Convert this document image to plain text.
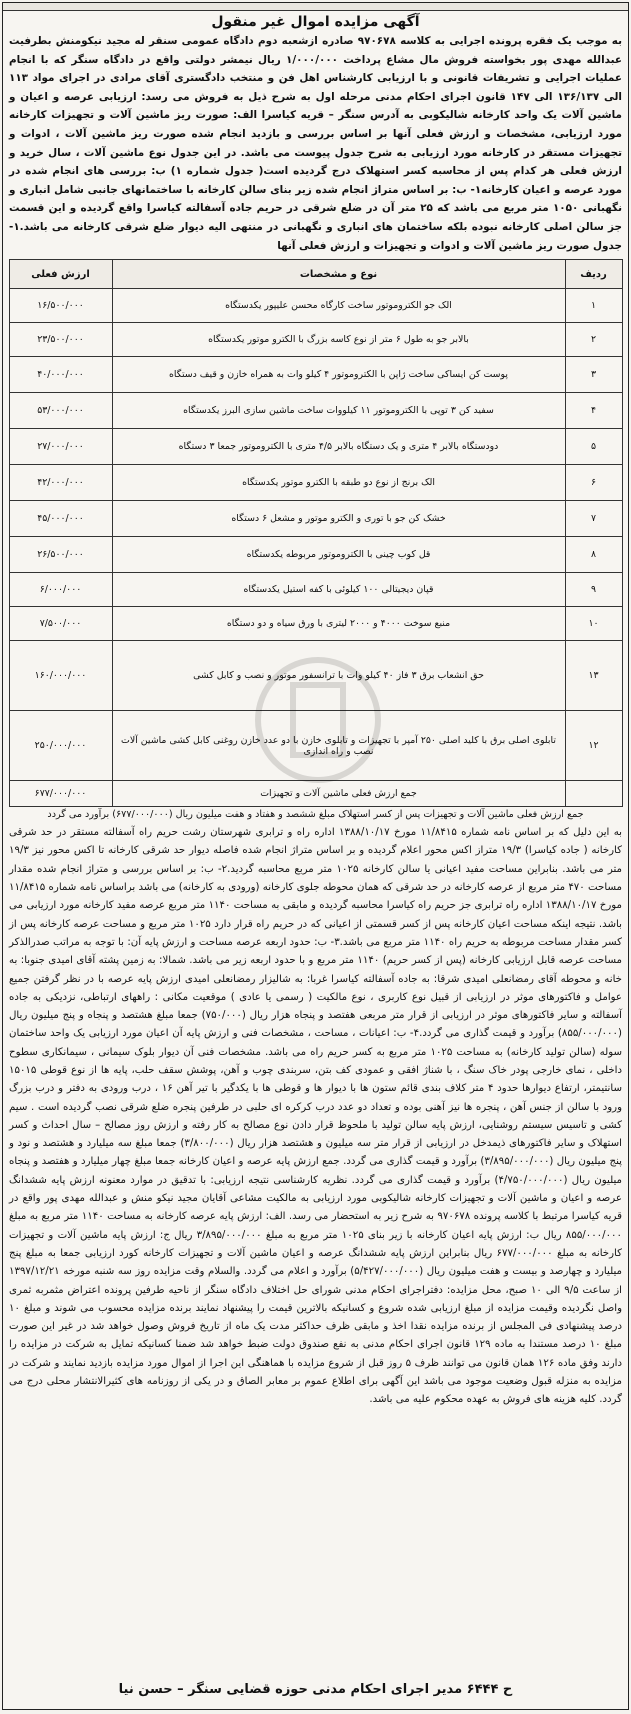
آگهی مزایده اموال غیر منقول
به موجب یک فقره پرونده اجرایی به کلاسه ۹۷۰۶۷۸ صادره ازشعبه دوم دادگاه عمومی سنقر له مجید نیکومنش بطرفیت عبدالله مهدی پور بخواسته فروش مال مشاع پرداخت ۱/۰۰۰/۰۰۰ ریال نیمشر دولتی واقع در دادگاه سنگر که با انجام عملیات اجرایی و تشریفات قانونی و با ارزیابی کارشناس اهل فن و منتخب دادگستری آقای مرادی در اجرای مواد ۱۱۳ الی ۱۳۶/۱۳۷ الی ۱۴۷ قانون اجرای احکام مدنی مرحله اول به شرح ذیل به فروش می رسد: ارزیابی عرصه و اعیان و ماشین آلات یک واحد کارخانه شالیکوبی به آدرس سنگر – قریه کیاسرا الف: صورت ریز ماشین آلات و تجهیزات کارخانه مورد ارزیابی، مشخصات و ارزش فعلی آنها بر اساس بررسی و بازدید انجام شده صورت ریز ماشین آلات ، ادوات و تجهیزات مستقر در کارخانه مورد ارزیابی به شرح جدول پیوست می باشد. در این جدول نوع ماشین آلات ، سال خرید و ارزش فعلی هر کدام پس از محاسبه کسر استهلاک درج گردیده است( جدول شماره ۱) ب: بررسی های انجام شده در مورد عرصه و اعیان کارخانه۱- ب: بر اساس متراژ انجام شده زیر بنای سالن کارخانه با ساختمانهای جانبی شامل انباری و نگهبانی ۱۰۵۰ متر مربع می باشد که ۲۵ متر آن در ضلع شرقی در حریم جاده آسفالته کیاسرا واقع گردیده و این قسمت جز سالن اصلی کارخانه نبوده بلکه ساختمان های انباری و نگهبانی در منتهی الیه دیوار ضلع شرقی کارخانه می باشد.۱- جدول صورت ریز ماشین آلات و ادوات و تجهیزات و ارزش فعلی آنها
ردیف	نوع و مشخصات	ارزش فعلی
۱	الک جو الکتروموتور ساخت کارگاه محسن علیپور یکدستگاه	۱۶/۵۰۰/۰۰۰
۲	بالابر جو به طول ۶ متر از نوع کاسه بزرگ با الکترو موتور یکدستگاه	۲۳/۵۰۰/۰۰۰
۳	پوست کن ایساکی ساخت ژاپن با الکتروموتور ۴ کیلو وات به همراه خازن و قیف دستگاه	۴۰/۰۰۰/۰۰۰
۴	سفید کن ۳ توپی با الکتروموتور ۱۱ کیلووات ساخت ماشین سازی البرز یکدستگاه	۵۳/۰۰۰/۰۰۰
۵	دودستگاه بالابر ۴ متری و یک دستگاه بالابر ۴/۵ متری با الکتروموتور جمعا ۳ دستگاه	۲۷/۰۰۰/۰۰۰
۶	الک برنج از نوع دو طبقه با الکترو موتور یکدستگاه	۴۲/۰۰۰/۰۰۰
۷	خشک کن جو با توری و الکترو موتور و مشعل ۶ دستگاه	۴۵/۰۰۰/۰۰۰
۸	قل کوب چینی با الکتروموتور مربوطه یکدستگاه	۲۶/۵۰۰/۰۰۰
۹	قپان دیجیتالی ۱۰۰ کیلوئی با کفه استیل یکدستگاه	۶/۰۰۰/۰۰۰
۱۰	منبع سوخت ۴۰۰۰ و ۲۰۰۰ لیتری با ورق سیاه و دو دستگاه	۷/۵۰۰/۰۰۰
۱۳	حق انشعاب برق ۳ فاز ۴۰ کیلو وات با ترانسفور موتور و نصب و کابل کشی	۱۶۰/۰۰۰/۰۰۰
۱۲	تابلوی اصلی برق با کلید اصلی ۲۵۰ آمپر با تجهیزات و تابلوی خازن با دو عدد خازن روغنی کابل کشی ماشین آلات نصب و راه اندازی	۲۵۰/۰۰۰/۰۰۰
	جمع ارزش فعلی ماشین آلات و تجهیزات	۶۷۷/۰۰۰/۰۰۰
جمع ارزش فعلی ماشین آلات و تجهیزات پس از کسر استهلاک مبلغ ششصد و هفتاد و هفت میلیون ریال (۶۷۷/۰۰۰/۰۰۰) برآورد می گردد
به این دلیل که بر اساس نامه شماره ۱۱/۸۴۱۵ مورخ ۱۳۸۸/۱۰/۱۷ اداره راه و ترابری شهرستان رشت حریم راه آسفالته مستقر در حد شرقی کارخانه ( جاده کیاسرا) ۱۹/۳ متراز اکس محور اعلام گردیده و بر اساس متراژ انجام شده فاصله دیوار حد شرقی کارخانه تا اکس محور نیز ۱۹/۳ متر می باشد. بنابراین مساحت مفید اعیانی یا سالن کارخانه ۱۰۲۵ متر مربع محاسبه گردید.۲- ب: بر اساس بررسی و متراژ انجام شده مقدار مساحت ۴۷۰ متر مربع از عرصه کارخانه در حد شرقی که همان محوطه جلوی کارخانه (ورودی به کارخانه) می باشد براساس نامه شماره ۱۱/۸۴۱۵ مورخ ۱۳۸۸/۱۰/۱۷ اداره راه ترابری جز حریم راه کیاسرا محاسبه گردیده و مابقی به مساحت ۱۱۴۰ متر مربع عرصه مفید کارخانه مورد ارزیابی می باشد. نتیجه اینکه مساحت اعیان کارخانه پس از کسر قسمتی از اعیانی که در حریم راه قرار دارد ۱۰۲۵ متر مربع و مساحت عرصه کارخانه پس از کسر مقدار مساحت مربوطه به حریم راه ۱۱۴۰ متر مربع می باشد.۳- ب: حدود اربعه عرصه مساحت و ارزش پایه آن: با توجه به مراتب صدرالذکر مساحت عرصه قابل ارزیابی کارخانه (پس از کسر حریم) ۱۱۴۰ متر مربع و با حدود اربعه زیر می باشد. شمالا: به زمین پشته آقای امیدی جنوبا: به خانه و محوطه آقای رمضانعلی امیدی شرقا: به جاده آسفالته کیاسرا غربا: به شالیزار رمضانعلی امیدی ارزش پایه عرصه با در نظر گرفتن جمیع عوامل و فاکتورهای موثر در ارزیابی از قبیل نوع کاربری ، نوع مالکیت ( رسمی یا عادی ) موقعیت مکانی : راههای ارتباطی، نزدیکی به جاده آسفالته و سایر فاکتورهای موثر در ارزیابی از قرار متر مربعی هفتصد و پنجاه هزار ریال (۷۵۰/۰۰۰) جمعا مبلغ هشتصد و پنجاه و پنج میلیون ریال (۸۵۵/۰۰۰/۰۰۰) برآورد و قیمت گذاری می گردد.۴- ب: اعیانات ، مساحت ، مشخصات فنی و ارزش پایه آن اعیان مورد ارزیابی یک واحد ساختمان سوله (سالن تولید کارخانه) به مساحت ۱۰۲۵ متر مربع به کسر حریم راه می باشد. مشخصات فنی آن دیوار بلوک سیمانی ، سیمانکاری سطوح داخلی ، نمای خارجی پودر خاک سنگ ، با شناژ افقی و عمودی کف بتن، سربندی چوب و آهن، پوشش سقف حلب، پایه ها از نوع قوطی ۱۵۰۱۵ سانتیمتر، ارتفاع دیوارها حدود ۴ متر کلاف بندی قائم ستون ها با دیوار ها و قوطی ها با یکدگیر با تیر آهن ۱۶ ، درب ورودی به دفتر و درب بزرگ ورود با سالن از جنس آهن ، پنجره ها نیز آهنی بوده و تعداد دو عدد درب کرکره ای حلبی در طرفین پنجره ضلع شرقی نصب گردیده است . سیم کشی و تاسیس سیستم روشنایی، ارزش پایه سالن تولید با ملحوظ قرار دادن نوع مصالح به کار رفته و ارزش روز مصالح – سال احداث و کسر استهلاک و سایر فاکتورهای ذیمدخل در ارزیابی از قرار متر سه میلیون و هشتصد هزار ریال (۳/۸۰۰/۰۰۰) جمعا مبلغ سه میلیارد و هشتصد و نود و پنج میلیون ریال (۳/۸۹۵/۰۰۰/۰۰۰) برآورد و قیمت گذاری می گردد. جمع ارزش پایه عرصه و اعیان کارخانه جمعا مبلغ چهار میلیارد و هفتصد و پنجاه میلیون ریال (۴/۷۵۰/۰۰۰/۰۰۰) برآورد و قیمت گذاری می گردد. نظریه کارشناسی نتیجه ارزیابی: با تدقیق در موارد معنونه ارزش پایه ششدانگ عرصه و اعیان و ماشین آلات و تجهیزات کارخانه شالیکوبی مورد ارزیابی به مالکیت مشاعی آقایان مجید نیکو منش و عبدالله مهدی پور واقع در قریه کیاسرا مرتبط با کلاسه پرونده ۹۷۰۶۷۸ به شرح زیر به استحضار می رسد. الف: ارزش پایه عرصه کارخانه به مساحت ۱۱۴۰ متر مربع به مبلغ ۸۵۵/۰۰۰/۰۰۰ ریال ب: ارزش پایه اعیان کارخانه با زیر بنای ۱۰۲۵ متر مربع به مبلغ ۳/۸۹۵/۰۰۰/۰۰۰ ریال ج: ارزش پایه ماشین آلات و تجهیزات کارخانه به مبلغ ۶۷۷/۰۰۰/۰۰۰ ریال بنابراین ارزش پایه ششدانگ عرصه و اعیان ماشین آلات و تجهیزات کارخانه کورد ارزیابی جمعا به مبلغ پنج میلیارد و چهارصد و بیست و هفت میلیون ریال (۵/۴۲۷/۰۰۰/۰۰۰) برآورد و اعلام می گردد. والسلام وقت مزایده روز سه شنبه مورخه ۱۳۹۷/۱۲/۲۱ از ساعت ۹/۵ الی ۱۰ صبح، محل مزایده: دفتراجرای احکام مدنی شورای حل اختلاف دادگاه سنگر از ناحیه طرفین پرونده اعتراض مثمربه ثمری واصل نگردیده وقیمت مزایده از مبلغ ارزیابی شده شروع و کسانیکه بالاترین قیمت را پیشنهاد نمایند برنده مزایده محسوب می شوند و مبلغ ۱۰ درصد پیشنهادی فی المجلس از برنده مزایده نقدا اخذ و مابقی ظرف حداکثر مدت یک ماه از تاریخ فروش وصول خواهد شد در غیر این صورت مبلغ ۱۰ درصد مستندا به ماده ۱۲۹ قانون اجرای احکام مدنی به نفع صندوق دولت ضبط خواهد شد ضمنا کسانیکه تمایل به شرکت در مزایده را دارند وفق ماده ۱۲۶ همان قانون می توانند ظرف ۵ روز قبل از شروع مزایده با هماهنگی این اجرا از اموال مورد مزایده بازدید نمایند و شرکت در مزایده به منزله قبول وضعیت موجود می باشد این آگهی برای اطلاع عموم بر معابر الصاق و در یکی از روزنامه های کثیرالانتشار محلی درج می گردد. کلیه هزینه های فروش به عهده محکوم علیه می باشد.
ح ۶۴۴۴ مدیر اجرای احکام مدنی حوزه قضایی سنگر – حسن نیا
